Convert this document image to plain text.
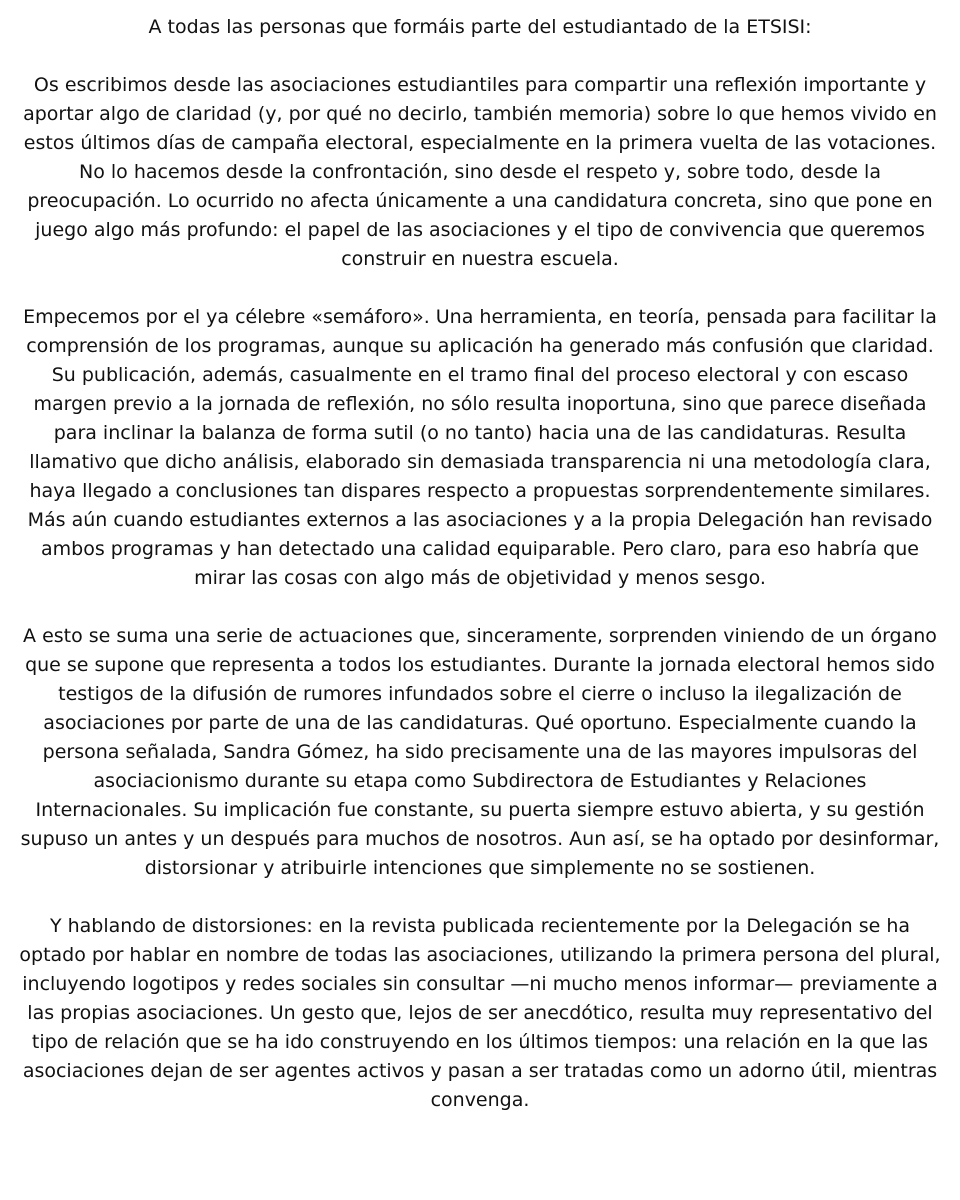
A todas las personas que formáis parte del estudiantado de la ETSISI:

Os escribimos desde las asociaciones estudiantiles para compartir una reflexión importante y aportar algo de claridad (y, por qué no decirlo, también memoria) sobre lo que hemos vivido en estos últimos días de campaña electoral, especialmente en la primera vuelta de las votaciones. No lo hacemos desde la confrontación, sino desde el respeto y, sobre todo, desde la preocupación. Lo ocurrido no afecta únicamente a una candidatura concreta, sino que pone en juego algo más profundo: el papel de las asociaciones y el tipo de convivencia que queremos construir en nuestra escuela.

Empecemos por el ya célebre «semáforo». Una herramienta, en teoría, pensada para facilitar la comprensión de los programas, aunque su aplicación ha generado más confusión que claridad. Su publicación, además, casualmente en el tramo final del proceso electoral y con escaso margen previo a la jornada de reflexión, no sólo resulta inoportuna, sino que parece diseñada para inclinar la balanza de forma sutil (o no tanto) hacia una de las candidaturas. Resulta llamativo que dicho análisis, elaborado sin demasiada transparencia ni una metodología clara, haya llegado a conclusiones tan dispares respecto a propuestas sorprendentemente similares. Más aún cuando estudiantes externos a las asociaciones y a la propia Delegación han revisado ambos programas y han detectado una calidad equiparable. Pero claro, para eso habría que mirar las cosas con algo más de objetividad y menos sesgo.

A esto se suma una serie de actuaciones que, sinceramente, sorprenden viniendo de un órgano que se supone que representa a todos los estudiantes. Durante la jornada electoral hemos sido testigos de la difusión de rumores infundados sobre el cierre o incluso la ilegalización de asociaciones por parte de una de las candidaturas. Qué oportuno. Especialmente cuando la persona señalada, Sandra Gómez, ha sido precisamente una de las mayores impulsoras del asociacionismo durante su etapa como Subdirectora de Estudiantes y Relaciones Internacionales. Su implicación fue constante, su puerta siempre estuvo abierta, y su gestión supuso un antes y un después para muchos de nosotros. Aun así, se ha optado por desinformar, distorsionar y atribuirle intenciones que simplemente no se sostienen.

Y hablando de distorsiones: en la revista publicada recientemente por la Delegación se ha optado por hablar en nombre de todas las asociaciones, utilizando la primera persona del plural, incluyendo logotipos y redes sociales sin consultar —ni mucho menos informar— previamente a las propias asociaciones. Un gesto que, lejos de ser anecdótico, resulta muy representativo del tipo de relación que se ha ido construyendo en los últimos tiempos: una relación en la que las asociaciones dejan de ser agentes activos y pasan a ser tratadas como un adorno útil, mientras convenga.
